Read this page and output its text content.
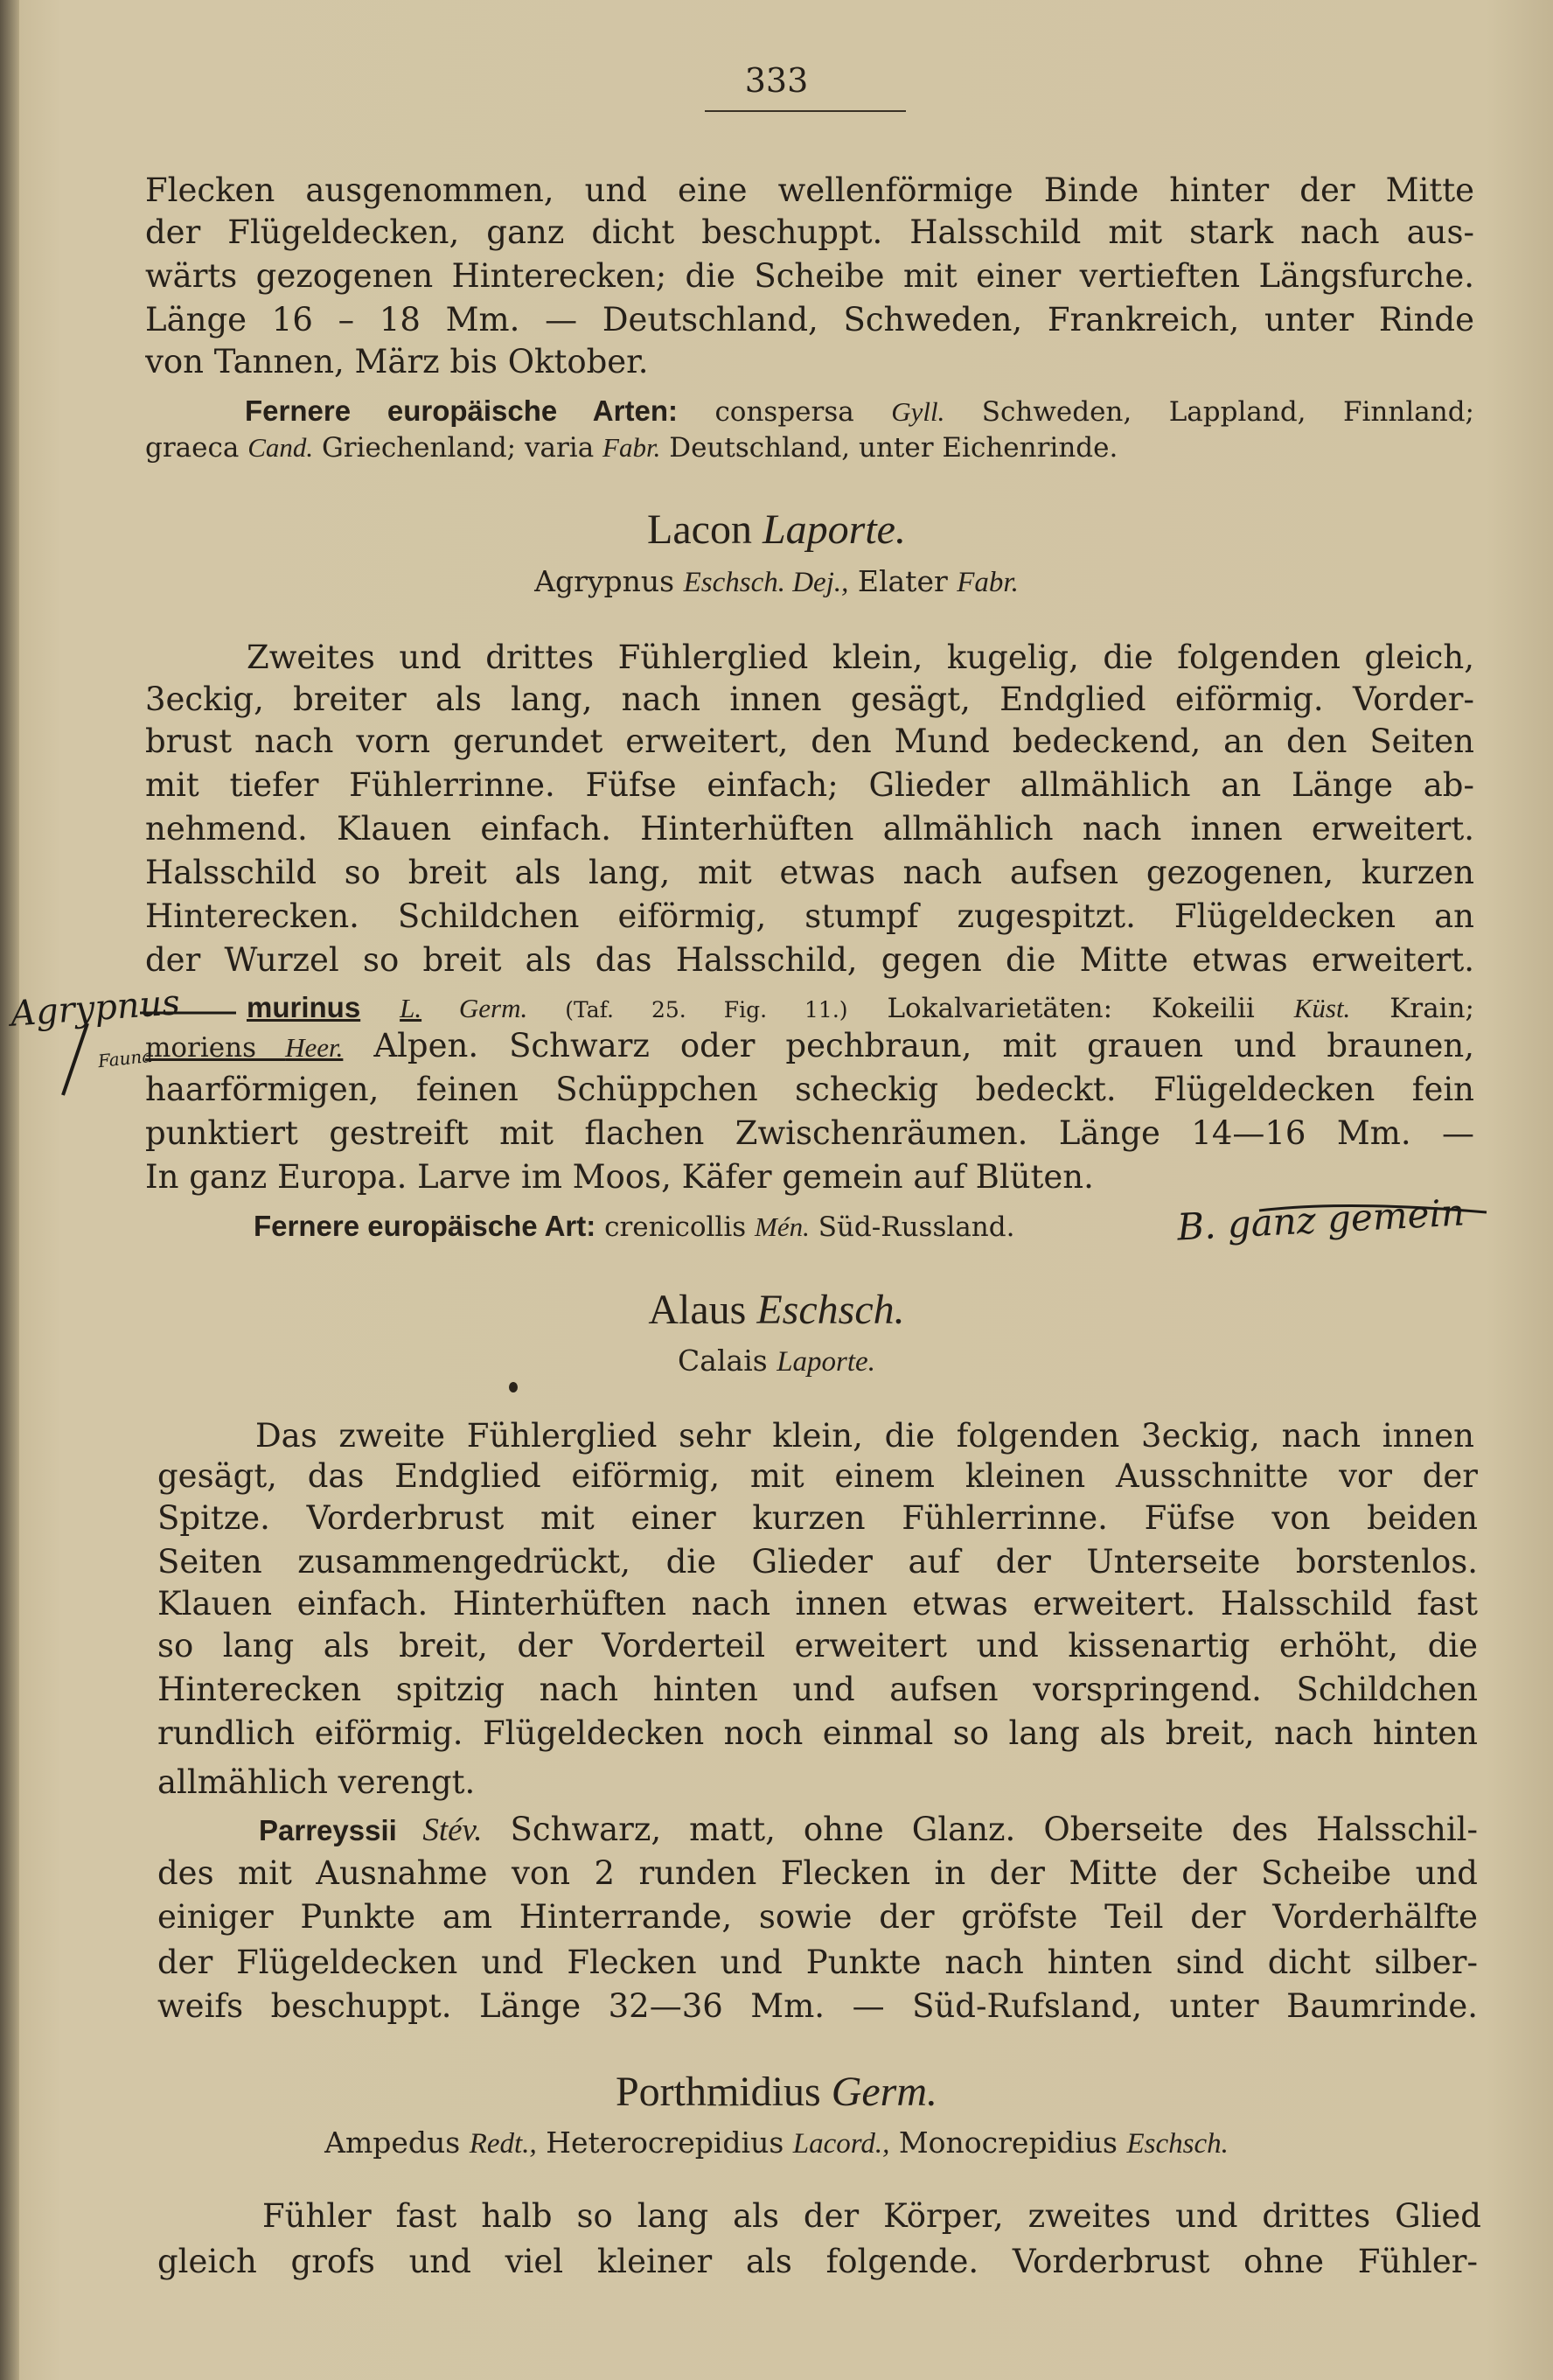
333
Flecken ausgenommen, und eine wellenförmige Binde hinter der Mitte
der Flügeldecken, ganz dicht beschuppt. Halsschild mit stark nach aus-
wärts gezogenen Hinterecken; die Scheibe mit einer vertieften Längsfurche.
Länge 16 – 18 Mm. — Deutschland, Schweden, Frankreich, unter Rinde
von Tannen, März bis Oktober.
Fernere europäische Arten: conspersa Gyll. Schweden, Lappland, Finnland;
graeca Cand. Griechenland; varia Fabr. Deutschland, unter Eichenrinde.
Lacon Laporte.
Agrypnus Eschsch. Dej., Elater Fabr.
Zweites und drittes Fühlerglied klein, kugelig, die folgenden gleich,
3eckig, breiter als lang, nach innen gesägt, Endglied eiförmig. Vorder-
brust nach vorn gerundet erweitert, den Mund bedeckend, an den Seiten
mit tiefer Fühlerrinne. Füfse einfach; Glieder allmählich an Länge ab-
nehmend. Klauen einfach. Hinterhüften allmählich nach innen erweitert.
Halsschild so breit als lang, mit etwas nach aufsen gezogenen, kurzen
Hinterecken. Schildchen eiförmig, stumpf zugespitzt. Flügeldecken an
der Wurzel so breit als das Halsschild, gegen die Mitte etwas erweitert.
murinus L. Germ. (Taf. 25. Fig. 11.) Lokalvarietäten: Kokeilii Küst. Krain;
moriens Heer. Alpen. Schwarz oder pechbraun, mit grauen und braunen,
haarförmigen, feinen Schüppchen scheckig bedeckt. Flügeldecken fein
punktiert gestreift mit flachen Zwischenräumen. Länge 14—16 Mm. —
In ganz Europa. Larve im Moos, Käfer gemein auf Blüten.
Fernere europäische Art: crenicollis Mén. Süd-Russland.
Alaus Eschsch.
Calais Laporte.
Das zweite Fühlerglied sehr klein, die folgenden 3eckig, nach innen
gesägt, das Endglied eiförmig, mit einem kleinen Ausschnitte vor der
Spitze. Vorderbrust mit einer kurzen Fühlerrinne. Füfse von beiden
Seiten zusammengedrückt, die Glieder auf der Unterseite borstenlos.
Klauen einfach. Hinterhüften nach innen etwas erweitert. Halsschild fast
so lang als breit, der Vorderteil erweitert und kissenartig erhöht, die
Hinterecken spitzig nach hinten und aufsen vorspringend. Schildchen
rundlich eiförmig. Flügeldecken noch einmal so lang als breit, nach hinten
allmählich verengt.
Parreyssii Stév. Schwarz, matt, ohne Glanz. Oberseite des Halsschil-
des mit Ausnahme von 2 runden Flecken in der Mitte der Scheibe und
einiger Punkte am Hinterrande, sowie der gröfste Teil der Vorderhälfte
der Flügeldecken und Flecken und Punkte nach hinten sind dicht silber-
weifs beschuppt. Länge 32—36 Mm. — Süd-Rufsland, unter Baumrinde.
Porthmidius Germ.
Ampedus Redt., Heterocrepidius Lacord., Monocrepidius Eschsch.
Fühler fast halb so lang als der Körper, zweites und drittes Glied
gleich grofs und viel kleiner als folgende. Vorderbrust ohne Fühler-
Agrypnus
Fauna
B. ganz gemein
